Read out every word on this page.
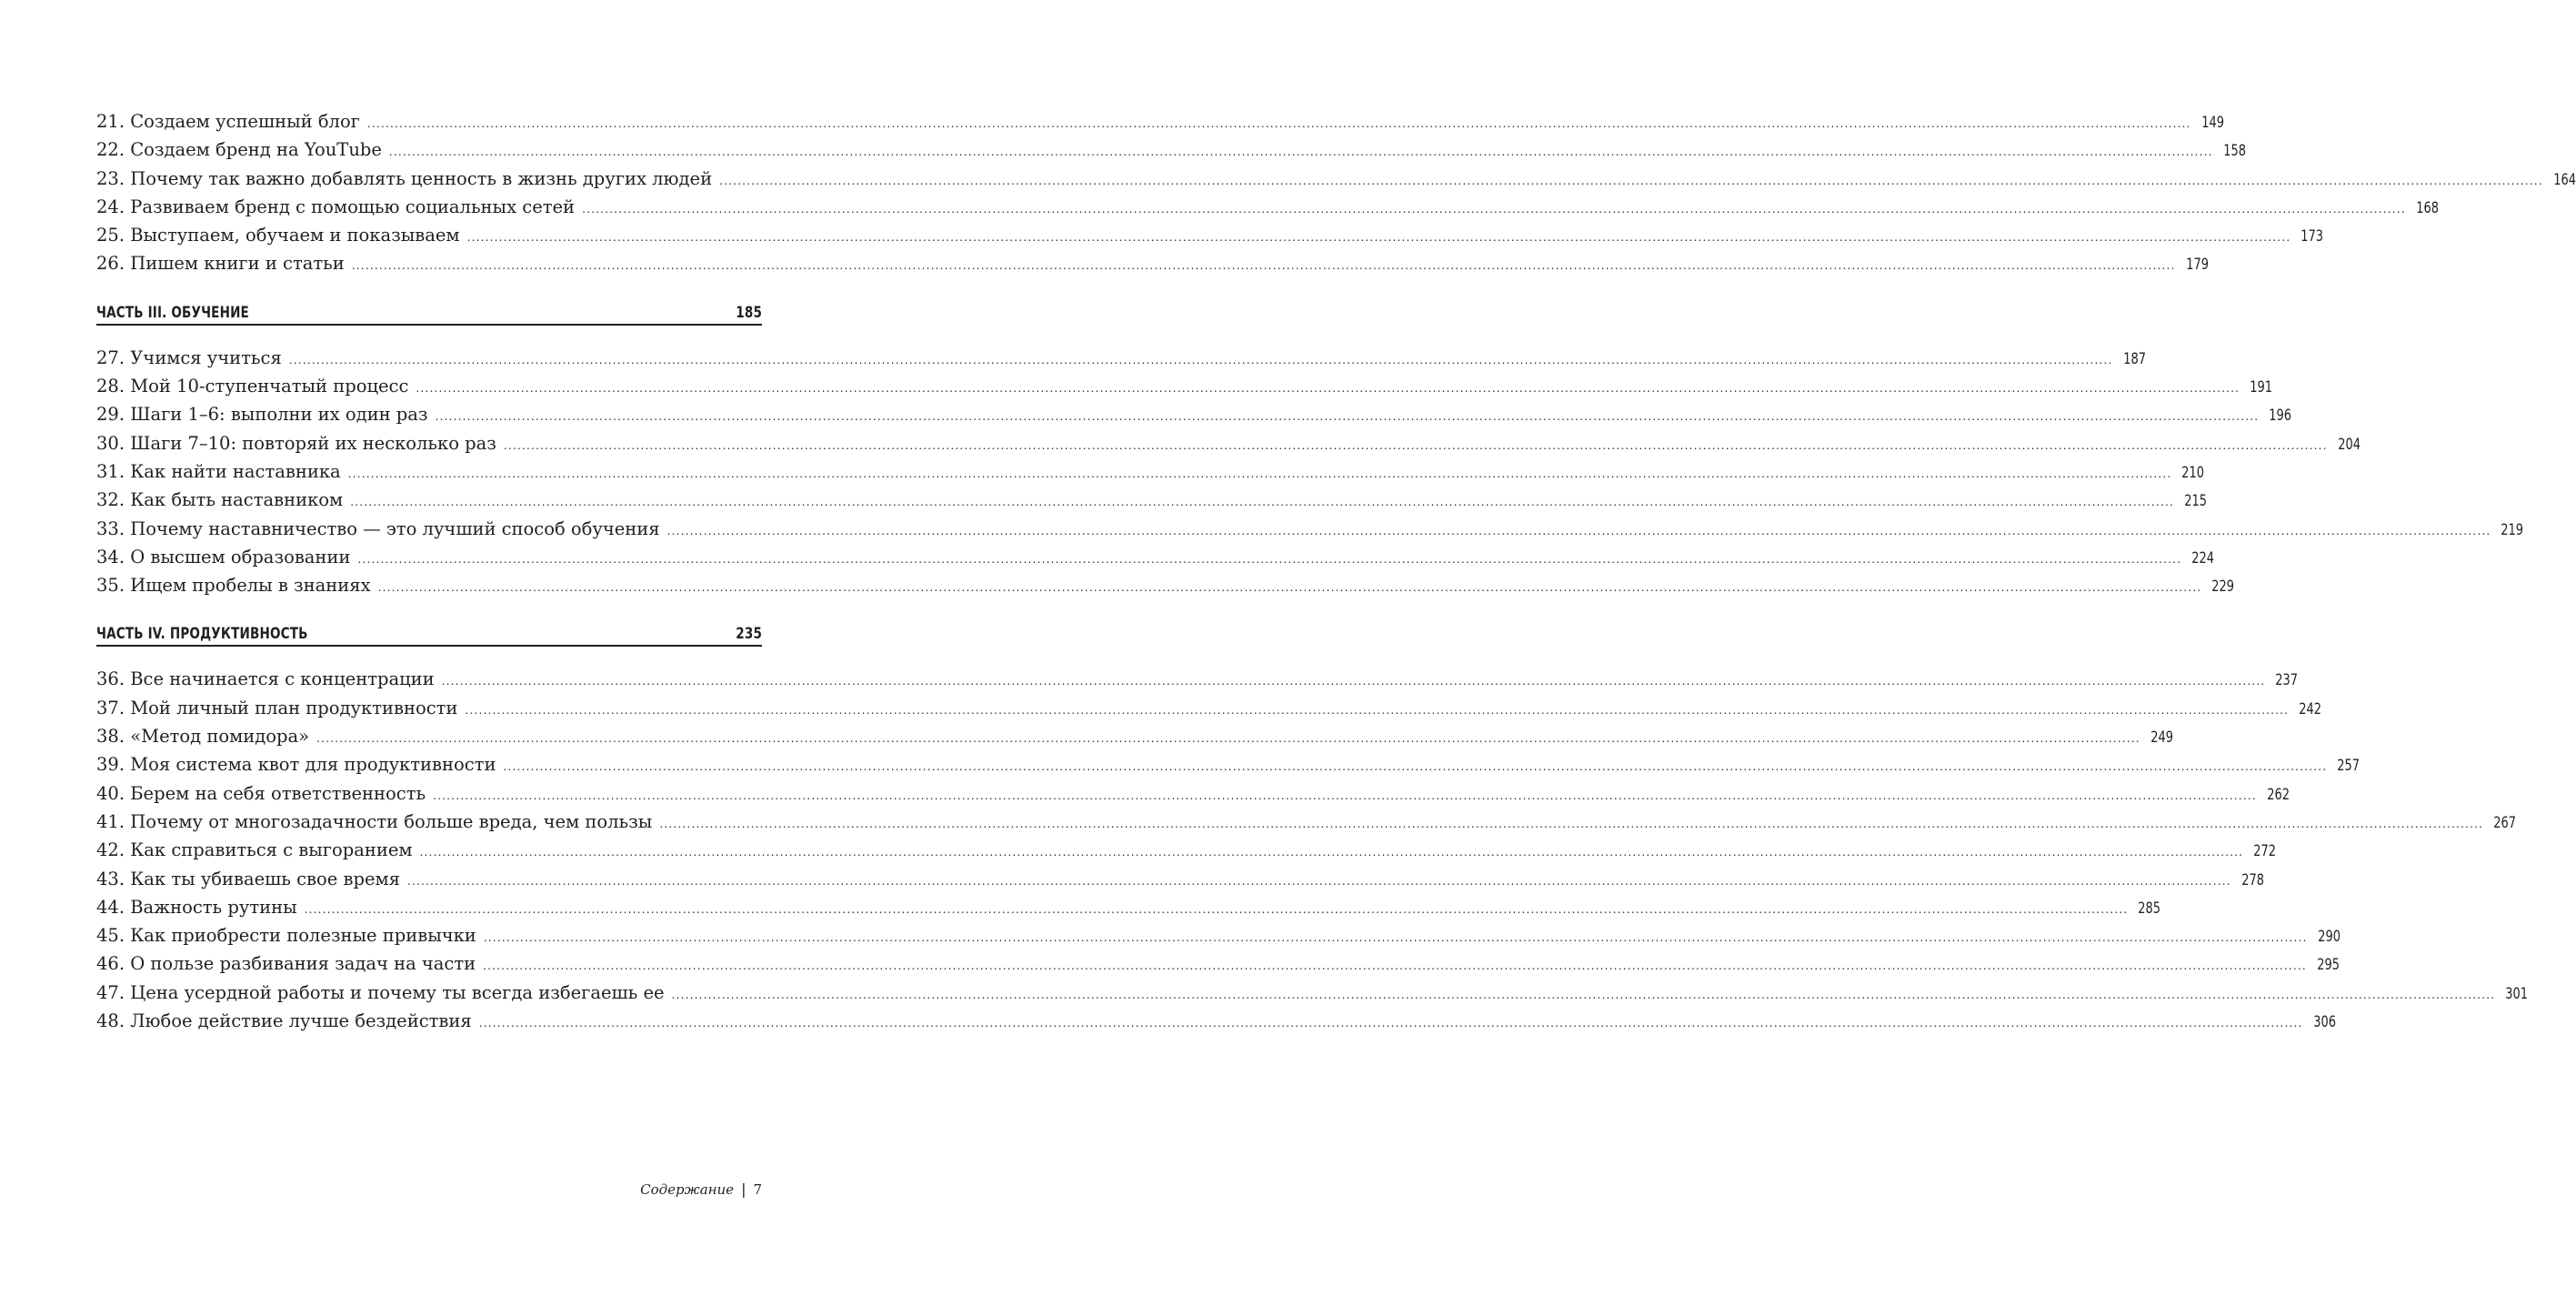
21. Создаем успешный блог ................................................................................................................................................................................................................................................................................................................................................................................................................ 149
22. Создаем бренд на YouTube ................................................................................................................................................................................................................................................................................................................................................................................................................ 158
23. Почему так важно добавлять ценность в жизнь других людей ................................................................................................................................................................................................................................................................................................................................................................................................................ 164
24. Развиваем бренд с помощью социальных сетей ................................................................................................................................................................................................................................................................................................................................................................................................................ 168
25. Выступаем, обучаем и показываем ................................................................................................................................................................................................................................................................................................................................................................................................................ 173
26. Пишем книги и статьи ................................................................................................................................................................................................................................................................................................................................................................................................................ 179
ЧАСТЬ III. ОБУЧЕНИЕ	185
27. Учимся учиться ................................................................................................................................................................................................................................................................................................................................................................................................................ 187
28. Мой 10-ступенчатый процесс ................................................................................................................................................................................................................................................................................................................................................................................................................ 191
29. Шаги 1–6: выполни их один раз ................................................................................................................................................................................................................................................................................................................................................................................................................ 196
30. Шаги 7–10: повторяй их несколько раз ................................................................................................................................................................................................................................................................................................................................................................................................................ 204
31. Как найти наставника ................................................................................................................................................................................................................................................................................................................................................................................................................ 210
32. Как быть наставником ................................................................................................................................................................................................................................................................................................................................................................................................................ 215
33. Почему наставничество — это лучший способ обучения ................................................................................................................................................................................................................................................................................................................................................................................................................ 219
34. О высшем образовании ................................................................................................................................................................................................................................................................................................................................................................................................................ 224
35. Ищем пробелы в знаниях ................................................................................................................................................................................................................................................................................................................................................................................................................ 229
ЧАСТЬ IV. ПРОДУКТИВНОСТЬ	235
36. Все начинается с концентрации ................................................................................................................................................................................................................................................................................................................................................................................................................ 237
37. Мой личный план продуктивности ................................................................................................................................................................................................................................................................................................................................................................................................................ 242
38. «Метод помидора» ................................................................................................................................................................................................................................................................................................................................................................................................................ 249
39. Моя система квот для продуктивности ................................................................................................................................................................................................................................................................................................................................................................................................................ 257
40. Берем на себя ответственность ................................................................................................................................................................................................................................................................................................................................................................................................................ 262
41. Почему от многозадачности больше вреда, чем пользы ................................................................................................................................................................................................................................................................................................................................................................................................................ 267
42. Как справиться с выгоранием ................................................................................................................................................................................................................................................................................................................................................................................................................ 272
43. Как ты убиваешь свое время ................................................................................................................................................................................................................................................................................................................................................................................................................ 278
44. Важность рутины ................................................................................................................................................................................................................................................................................................................................................................................................................ 285
45. Как приобрести полезные привычки ................................................................................................................................................................................................................................................................................................................................................................................................................ 290
46. О пользе разбивания задач на части ................................................................................................................................................................................................................................................................................................................................................................................................................ 295
47. Цена усердной работы и почему ты всегда избегаешь ее ................................................................................................................................................................................................................................................................................................................................................................................................................ 301
48. Любое действие лучше бездействия ................................................................................................................................................................................................................................................................................................................................................................................................................ 306
Содержание | 7
